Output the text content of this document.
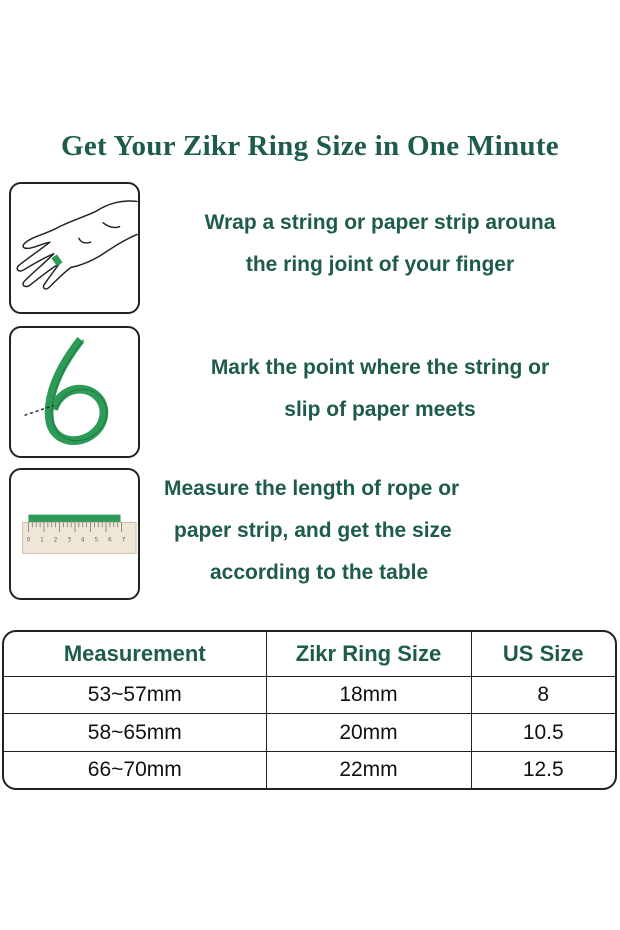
Get Your Zikr Ring Size in One Minute
Wrap a string or paper strip arouna
the ring joint of your finger
Mark the point where the string or
slip of paper meets
0 1 2 3 4 5 6 7
Measure the length of rope or
paper strip, and get the size
according to the table
Measurement	Zikr Ring Size	US Size
53~57mm	18mm	8
58~65mm	20mm	10.5
66~70mm	22mm	12.5
